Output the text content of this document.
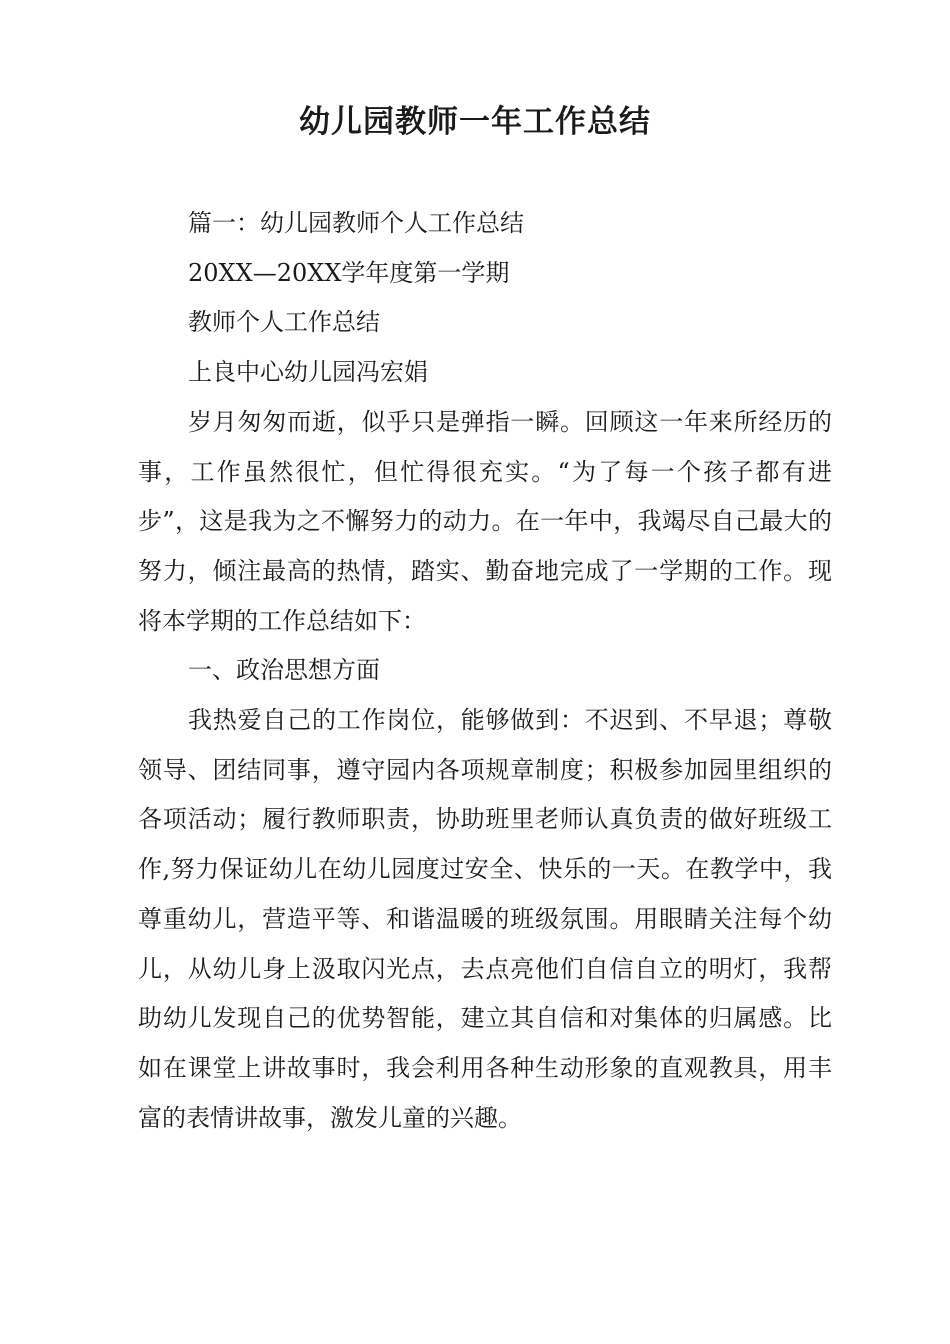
幼儿园教师一年工作总结

篇一：幼儿园教师个人工作总结

20XX—20XX学年度第一学期

教师个人工作总结

上良中心幼儿园冯宏娟

岁月匆匆而逝，似乎只是弹指一瞬。回顾这一年来所经历的事，工作虽然很忙，但忙得很充实。“为了每一个孩子都有进步”，这是我为之不懈努力的动力。在一年中，我竭尽自己最大的努力，倾注最高的热情，踏实、勤奋地完成了一学期的工作。现将本学期的工作总结如下：

一、政治思想方面

我热爱自己的工作岗位，能够做到：不迟到、不早退；尊敬领导、团结同事，遵守园内各项规章制度；积极参加园里组织的各项活动；履行教师职责，协助班里老师认真负责的做好班级工作,努力保证幼儿在幼儿园度过安全、快乐的一天。在教学中，我尊重幼儿，营造平等、和谐温暖的班级氛围。用眼睛关注每个幼儿，从幼儿身上汲取闪光点，去点亮他们自信自立的明灯，我帮助幼儿发现自己的优势智能，建立其自信和对集体的归属感。比如在课堂上讲故事时，我会利用各种生动形象的直观教具，用丰富的表情讲故事，激发儿童的兴趣。
